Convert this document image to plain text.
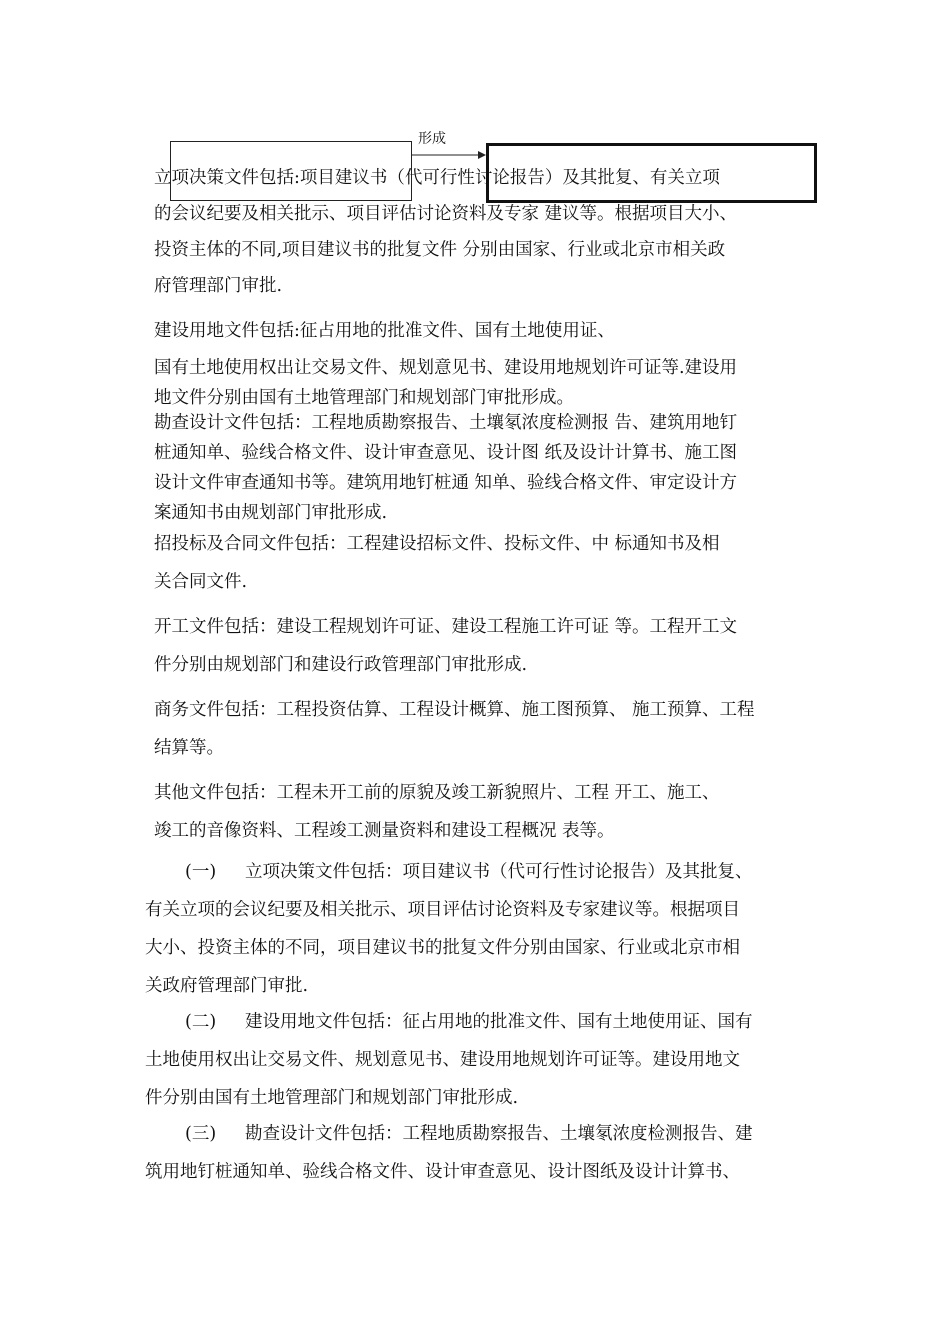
形成

立项决策文件包括:项目建议书（代可行性讨论报告）及其批复、有关立项

的会议纪要及相关批示、项目评估讨论资料及专家 建议等。根据项目大小、

投资主体的不同,项目建议书的批复文件 分别由国家、行业或北京市相关政

府管理部门审批.

建设用地文件包括:征占用地的批准文件、国有土地使用证、

国有土地使用权出让交易文件、规划意见书、建设用地规划许可证等.建设用

地文件分别由国有土地管理部门和规划部门审批形成。

勘查设计文件包括：工程地质勘察报告、土壤氡浓度检测报 告、建筑用地钉

桩通知单、验线合格文件、设计审查意见、设计图 纸及设计计算书、施工图

设计文件审查通知书等。建筑用地钉桩通 知单、验线合格文件、审定设计方

案通知书由规划部门审批形成.

招投标及合同文件包括：工程建设招标文件、投标文件、中 标通知书及相

关合同文件.

开工文件包括：建设工程规划许可证、建设工程施工许可证 等。工程开工文

件分别由规划部门和建设行政管理部门审批形成.

商务文件包括：工程投资估算、工程设计概算、施工图预算、 施工预算、工程

结算等。

其他文件包括：工程未开工前的原貌及竣工新貌照片、工程 开工、施工、

竣工的音像资料、工程竣工测量资料和建设工程概况 表等。

(一) 立项决策文件包括：项目建议书（代可行性讨论报告）及其批复、

有关立项的会议纪要及相关批示、项目评估讨论资料及专家建议等。根据项目

大小、投资主体的不同，项目建议书的批复文件分别由国家、行业或北京市相

关政府管理部门审批.

(二) 建设用地文件包括：征占用地的批准文件、国有土地使用证、国有

土地使用权出让交易文件、规划意见书、建设用地规划许可证等。建设用地文

件分别由国有土地管理部门和规划部门审批形成.

(三) 勘查设计文件包括：工程地质勘察报告、土壤氡浓度检测报告、建

筑用地钉桩通知单、验线合格文件、设计审查意见、设计图纸及设计计算书、
